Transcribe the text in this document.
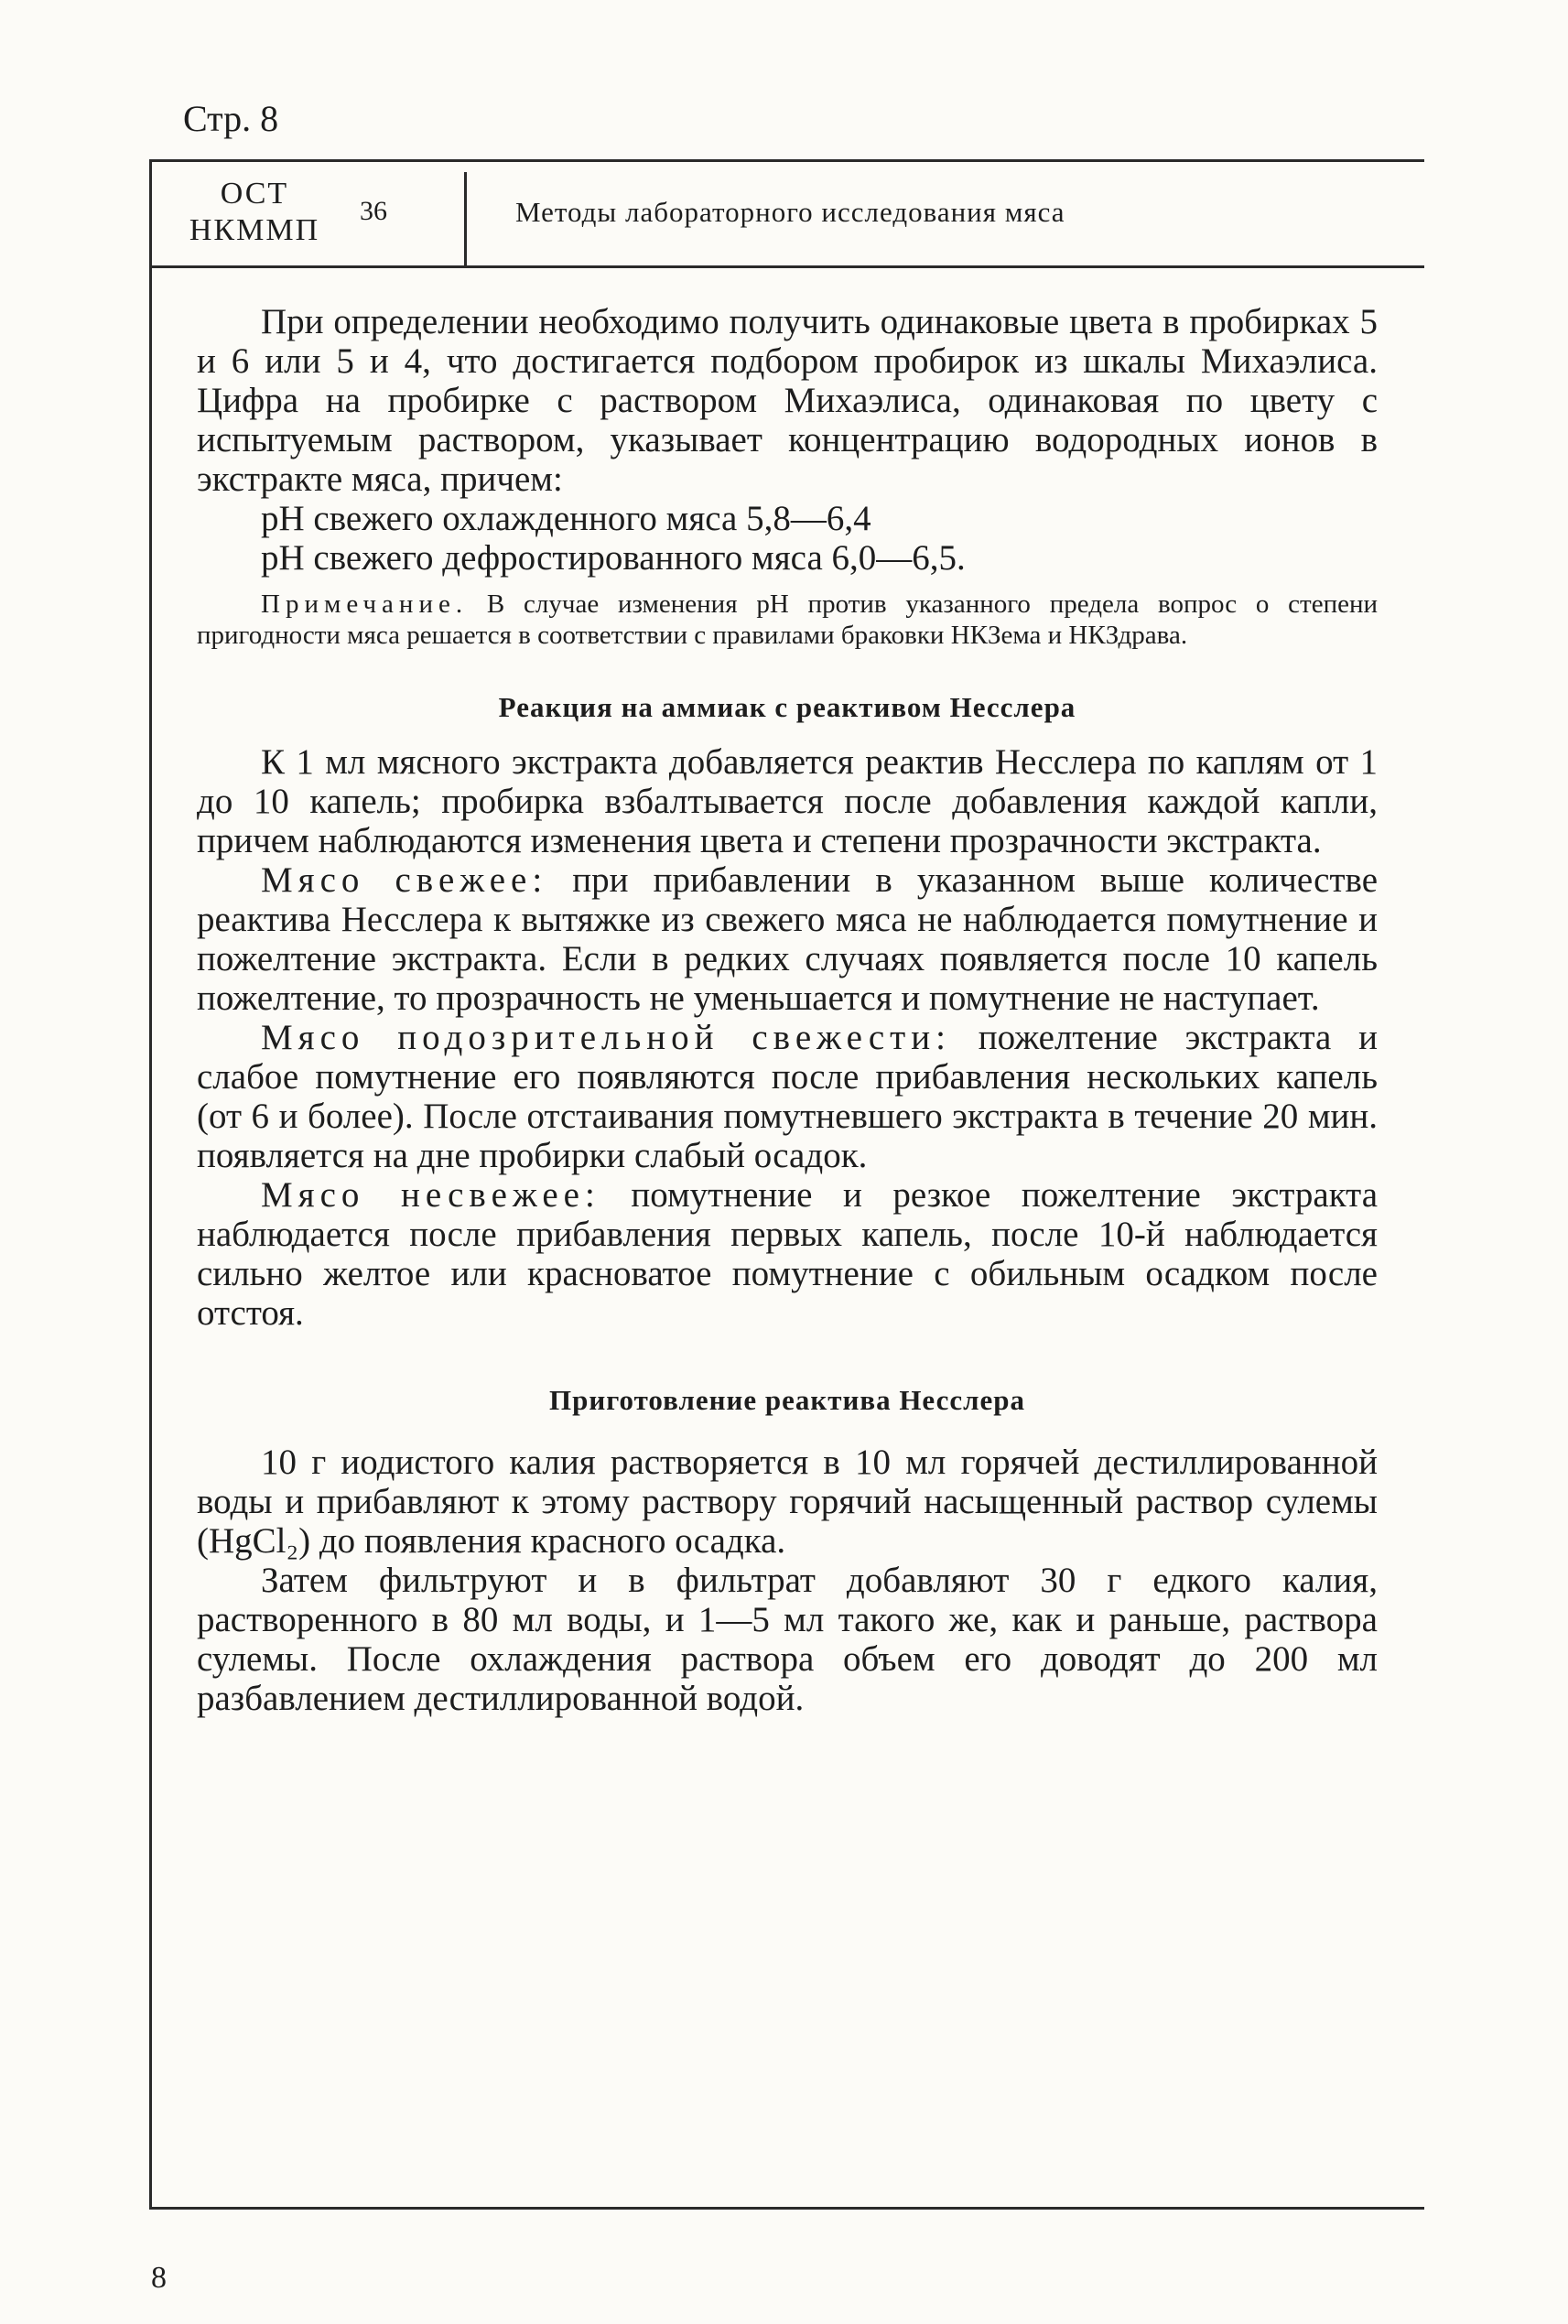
Стр. 8
ОСТ НКММП
36	Методы лабораторного исследования мяса

При определении необходимо получить одинаковые цвета в пробирках 5 и 6 или 5 и 4, что достигается подбором пробирок из шкалы Михаэлиса. Цифра на пробирке с раствором Михаэлиса, одинаковая по цвету с испытуемым раствором, указывает концентрацию водородных ионов в экстракте мяса, причем:

рН свежего охлажденного мяса 5,8—6,4
рН свежего дефростированного мяса 6,0—6,5.

Примечание. В случае изменения рН против указанного предела вопрос о степени пригодности мяса решается в соответствии с правилами браковки НКЗема и НКЗдрава.

Реакция на аммиак с реактивом Несслера

К 1 мл мясного экстракта добавляется реактив Несслера по каплям от 1 до 10 капель; пробирка взбалтывается после добавления каждой капли, причем наблюдаются изменения цвета и степени прозрачности экстракта.

Мясо свежее: при прибавлении в указанном выше количестве реактива Несслера к вытяжке из свежего мяса не наблюдается помутнение и пожелтение экстракта. Если в редких случаях появляется после 10 капель пожелтение, то прозрачность не уменьшается и помутнение не наступает.

Мясо подозрительной свежести: пожелтение экстракта и слабое помутнение его появляются после прибавления нескольких капель (от 6 и более). После отстаивания помутневшего экстракта в течение 20 мин. появляется на дне пробирки слабый осадок.

Мясо несвежее: помутнение и резкое пожелтение экстракта наблюдается после прибавления первых капель, после 10-й наблюдается сильно желтое или красноватое помутнение с обильным осадком после отстоя.

Приготовление реактива Несслера

10 г иодистого калия растворяется в 10 мл горячей дестиллированной воды и прибавляют к этому раствору горячий насыщенный раствор сулемы (HgCl₂) до появления красного осадка.

Затем фильтруют и в фильтрат добавляют 30 г едкого калия, растворенного в 80 мл воды, и 1—5 мл такого же, как и раньше, раствора сулемы. После охлаждения раствора объем его доводят до 200 мл разбавлением дестиллированной водой.

8
